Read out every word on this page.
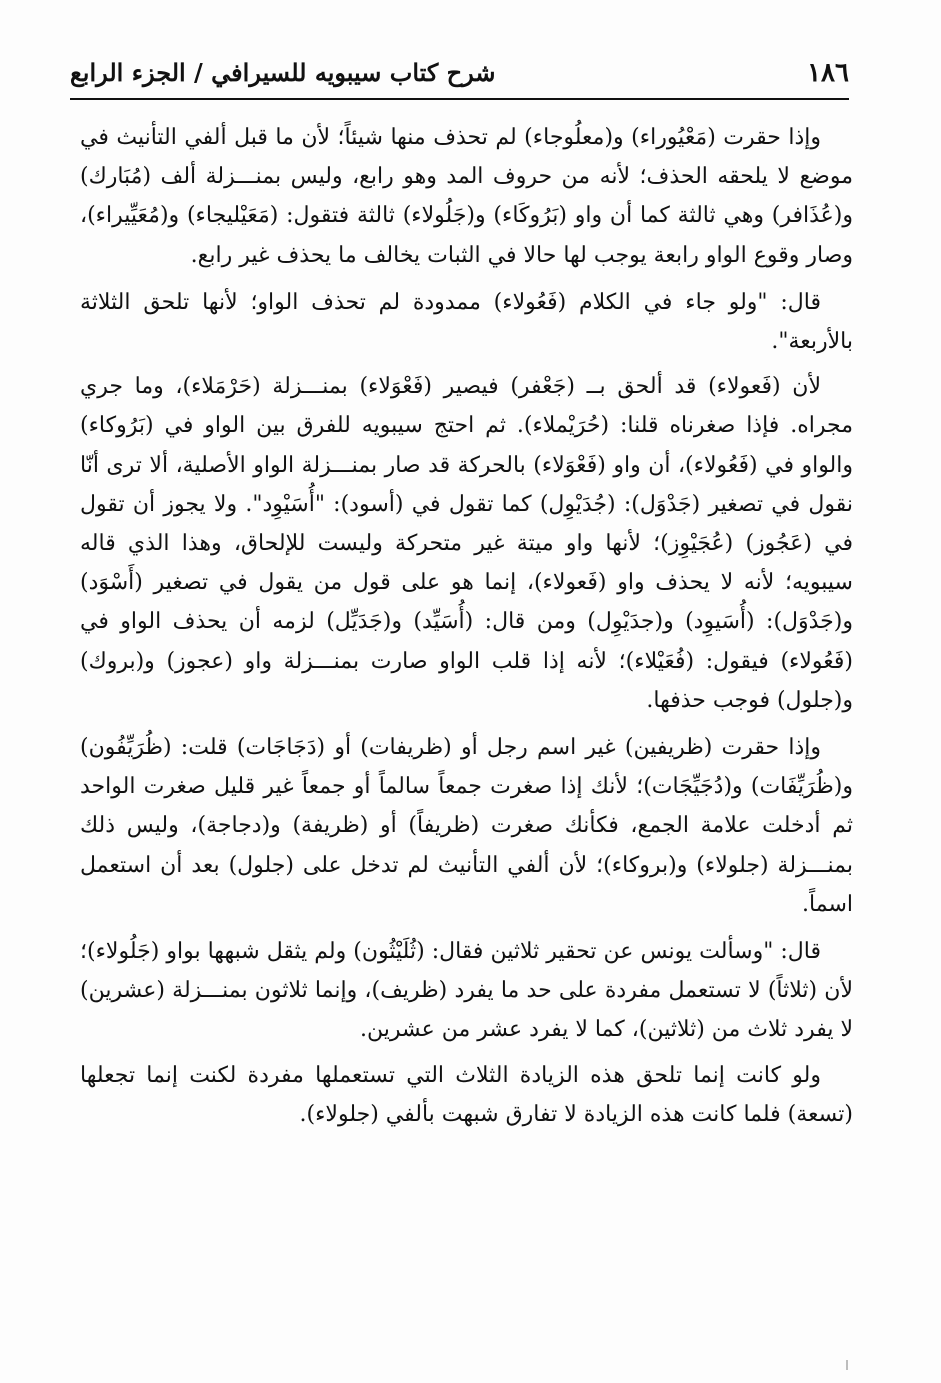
١٨٦
شرح كتاب سيبويه للسيرافي / الجزء الرابع

وإذا حقرت (مَعْيُوراء) و(معلُوجاء) لم تحذف منها شيئاً؛ لأن ما قبل ألفي التأنيث في موضع لا يلحقه الحذف؛ لأنه من حروف المد وهو رابع، وليس بمنـــزلة ألف (مُبَارك) و(عُذَافر) وهي ثالثة كما أن واو (بَرُوكَاء) و(جَلُولاء) ثالثة فتقول: (مَعَيْليجاء) و(مُعَيِّيراء)، وصار وقوع الواو رابعة يوجب لها حالا في الثبات يخالف ما يحذف غير رابع.

قال: "ولو جاء في الكلام (فَعُولاء) ممدودة لم تحذف الواو؛ لأنها تلحق الثلاثة بالأربعة".

لأن (فَعولاء) قد ألحق بــ (جَعْفر) فيصير (فَعْوَلاء) بمنـــزلة (حَرْمَلاء)، وما جري مجراه. فإذا صغرناه قلنا: (حُرَيْملاء). ثم احتج سيبويه للفرق بين الواو في (بَرُوكاء) والواو في (فَعُولاء)، أن واو (فَعْوَلاء) بالحركة قد صار بمنـــزلة الواو الأصلية، ألا ترى أنّا نقول في تصغير (جَدْوَل): (جُدَيْوِل) كما تقول في (أسود): "أُسَيْوِد". ولا يجوز أن تقول في (عَجُوز) (عُجَيْوِز)؛ لأنها واو ميتة غير متحركة وليست للإلحاق، وهذا الذي قاله سيبويه؛ لأنه لا يحذف واو (فَعولاء)، إنما هو على قول من يقول في تصغير (أَسْوَد) و(جَدْوَل): (أُسَيوِد) و(جدَيْوِل) ومن قال: (أُسَيِّد) و(جَدَيِّل) لزمه أن يحذف الواو في (فَعُولاء) فيقول: (فُعَيْلاء)؛ لأنه إذا قلب الواو صارت بمنـــزلة واو (عجوز) و(بروك) و(جلول) فوجب حذفها.

وإذا حقرت (ظريفين) غير اسم رجل أو (ظريفات) أو (دَجَاجَات) قلت: (ظُرَيِّفُون) و(ظُرَيِّفَات) و(دُجَيِّجَات)؛ لأنك إذا صغرت جمعاً سالماً أو جمعاً غير قليل صغرت الواحد ثم أدخلت علامة الجمع، فكأنك صغرت (ظريفاً) أو (ظريفة) و(دجاجة)، وليس ذلك بمنـــزلة (جلولاء) و(بروكاء)؛ لأن ألفي التأنيث لم تدخل على (جلول) بعد أن استعمل اسماً.

قال: "وسألت يونس عن تحقير ثلاثين فقال: (ثُلَيْثُون) ولم يثقل شبهها بواو (جَلُولاء)؛ لأن (ثلاثاً) لا تستعمل مفردة على حد ما يفرد (ظريف)، وإنما ثلاثون بمنـــزلة (عشرين) لا يفرد ثلاث من (ثلاثين)، كما لا يفرد عشر من عشرين.

ولو كانت إنما تلحق هذه الزيادة الثلاث التي تستعملها مفردة لكنت إنما تجعلها (تسعة) فلما كانت هذه الزيادة لا تفارق شبهت بألفي (جلولاء).
